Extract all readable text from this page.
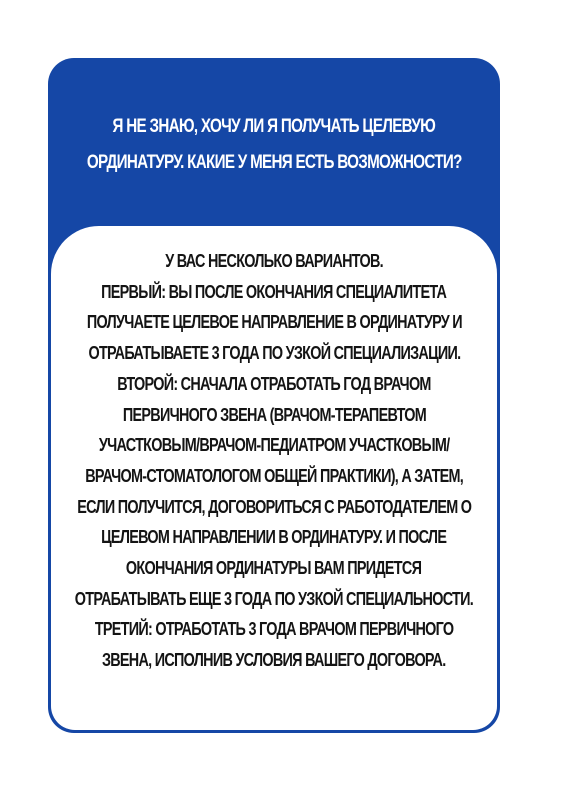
Я НЕ ЗНАЮ, ХОЧУ ЛИ Я ПОЛУЧАТЬ ЦЕЛЕВУЮ
ОРДИНАТУРУ. КАКИЕ У МЕНЯ ЕСТЬ ВОЗМОЖНОСТИ?
У ВАС НЕСКОЛЬКО ВАРИАНТОВ.
ПЕРВЫЙ: ВЫ ПОСЛЕ ОКОНЧАНИЯ СПЕЦИАЛИТЕТА
ПОЛУЧАЕТЕ ЦЕЛЕВОЕ НАПРАВЛЕНИЕ В ОРДИНАТУРУ И
ОТРАБАТЫВАЕТЕ 3 ГОДА ПО УЗКОЙ СПЕЦИАЛИЗАЦИИ.
ВТОРОЙ: СНАЧАЛА ОТРАБОТАТЬ ГОД ВРАЧОМ
ПЕРВИЧНОГО ЗВЕНА (ВРАЧОМ-ТЕРАПЕВТОМ
УЧАСТКОВЫМ/ВРАЧОМ-ПЕДИАТРОМ УЧАСТКОВЫМ/
ВРАЧОМ-СТОМАТОЛОГОМ ОБЩЕЙ ПРАКТИКИ), А ЗАТЕМ,
ЕСЛИ ПОЛУЧИТСЯ, ДОГОВОРИТЬСЯ С РАБОТОДАТЕЛЕМ О
ЦЕЛЕВОМ НАПРАВЛЕНИИ В ОРДИНАТУРУ. И ПОСЛЕ
ОКОНЧАНИЯ ОРДИНАТУРЫ ВАМ ПРИДЕТСЯ
ОТРАБАТЫВАТЬ ЕЩЕ 3 ГОДА ПО УЗКОЙ СПЕЦИАЛЬНОСТИ.
ТРЕТИЙ: ОТРАБОТАТЬ 3 ГОДА ВРАЧОМ ПЕРВИЧНОГО
ЗВЕНА, ИСПОЛНИВ УСЛОВИЯ ВАШЕГО ДОГОВОРА.
